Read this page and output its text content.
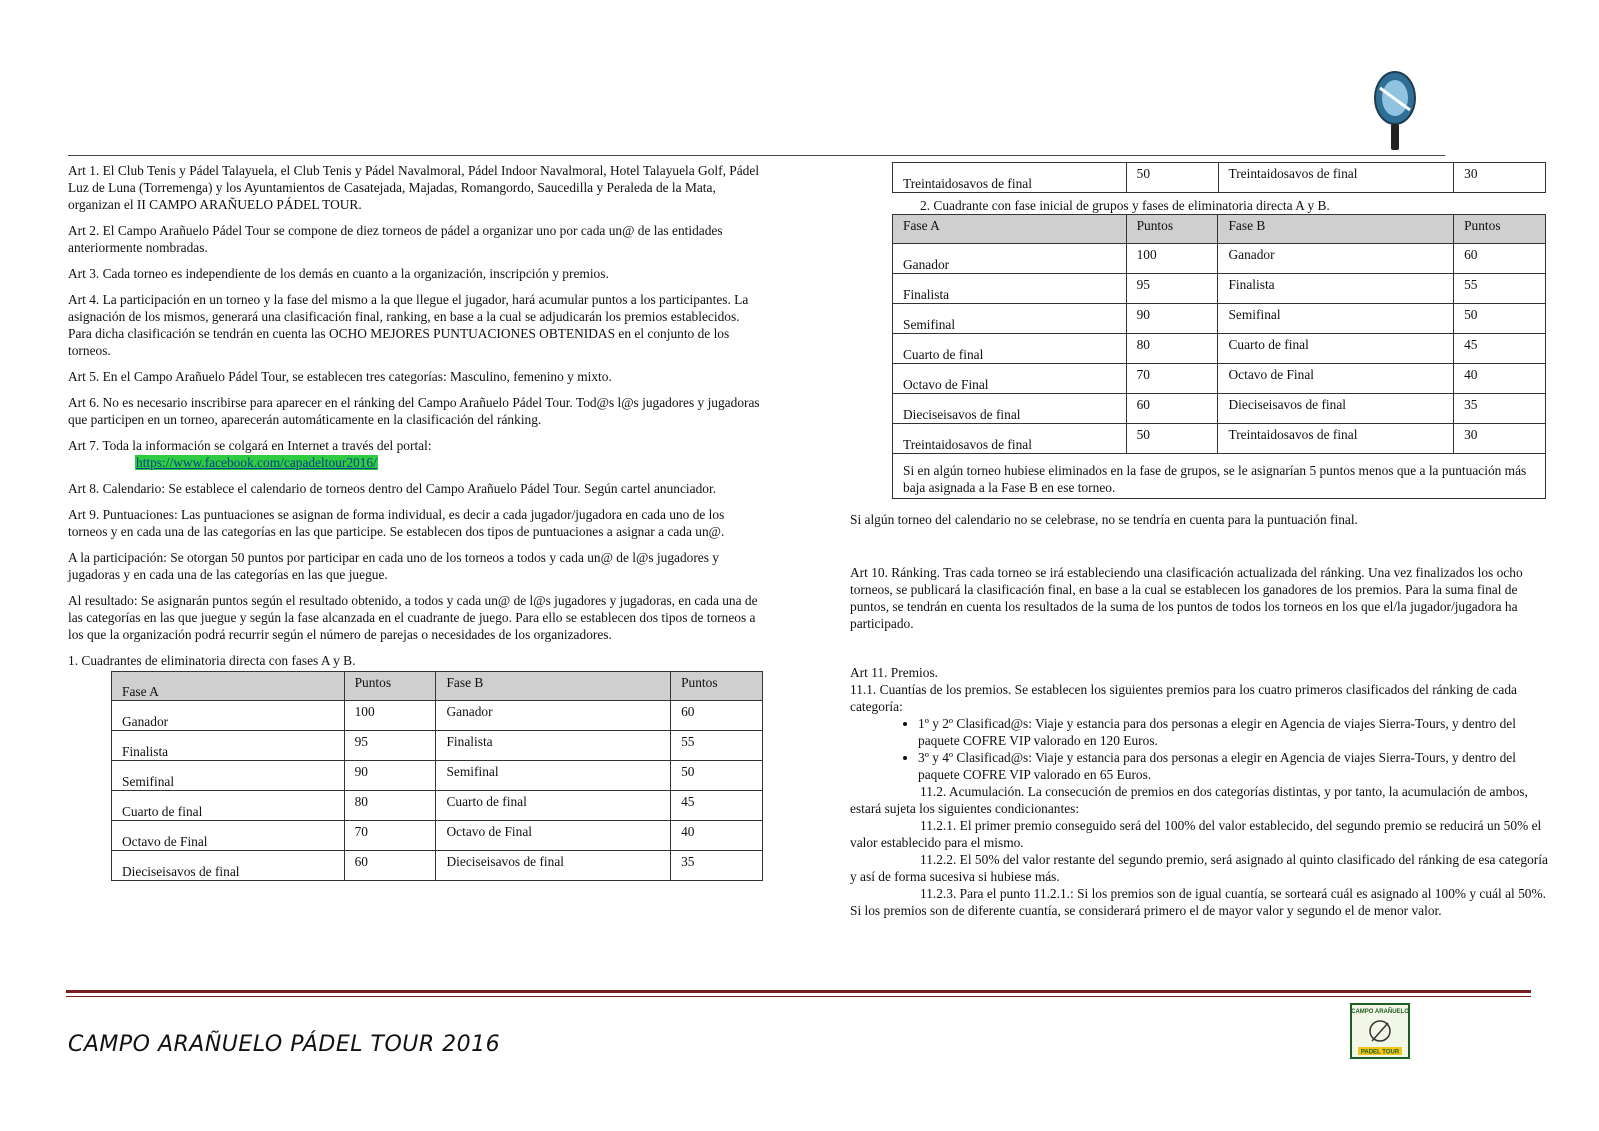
Art 1. El Club Tenis y Pádel Talayuela, el Club Tenis y Pádel Navalmoral, Pádel Indoor Navalmoral, Hotel Talayuela Golf, Pádel Luz de Luna (Torremenga) y los Ayuntamientos de Casatejada, Majadas, Romangordo, Saucedilla y Peraleda de la Mata, organizan el II CAMPO ARAÑUELO PÁDEL TOUR.

Art 2. El Campo Arañuelo Pádel Tour se compone de diez torneos de pádel a organizar uno por cada un@ de las entidades anteriormente nombradas.

Art 3. Cada torneo es independiente de los demás en cuanto a la organización, inscripción y premios.

Art 4. La participación en un torneo y la fase del mismo a la que llegue el jugador, hará acumular puntos a los participantes. La asignación de los mismos, generará una clasificación final, ranking, en base a la cual se adjudicarán los premios establecidos. Para dicha clasificación se tendrán en cuenta las OCHO MEJORES PUNTUACIONES OBTENIDAS en el conjunto de los torneos.

Art 5. En el Campo Arañuelo Pádel Tour, se establecen tres categorías: Masculino, femenino y mixto.

Art 6. No es necesario inscribirse para aparecer en el ránking del Campo Arañuelo Pádel Tour. Tod@s l@s jugadores y jugadoras que participen en un torneo, aparecerán automáticamente en la clasificación del ránking.

Art 7. Toda la información se colgará en Internet a través del portal:
https://www.facebook.com/capadeltour2016/

Art 8. Calendario: Se establece el calendario de torneos dentro del Campo Arañuelo Pádel Tour. Según cartel anunciador.

Art 9. Puntuaciones: Las puntuaciones se asignan de forma individual, es decir a cada jugador/jugadora en cada uno de los torneos y en cada una de las categorías en las que participe. Se establecen dos tipos de puntuaciones a asignar a cada un@.

A la participación: Se otorgan 50 puntos por participar en cada uno de los torneos a todos y cada un@ de l@s jugadores y jugadoras y en cada una de las categorías en las que juegue.

Al resultado: Se asignarán puntos según el resultado obtenido, a todos y cada un@ de l@s jugadores y jugadoras, en cada una de las categorías en las que juegue y según la fase alcanzada en el cuadrante de juego. Para ello se establecen dos tipos de torneos a los que la organización podrá recurrir según el número de parejas o necesidades de los organizadores.

1. Cuadrantes de eliminatoria directa con fases A y B.

Fase A	Puntos	Fase B	Puntos
Ganador	100	Ganador	60
Finalista	95	Finalista	55
Semifinal	90	Semifinal	50
Cuarto de final	80	Cuarto de final	45
Octavo de Final	70	Octavo de Final	40
Dieciseisavos de final	60	Dieciseisavos de final	35
Treintaidosavos de final	50	Treintaidosavos de final	30

2. Cuadrante con fase inicial de grupos y fases de eliminatoria directa A y B.

Fase A	Puntos	Fase B	Puntos
Ganador	100	Ganador	60
Finalista	95	Finalista	55
Semifinal	90	Semifinal	50
Cuarto de final	80	Cuarto de final	45
Octavo de Final	70	Octavo de Final	40
Dieciseisavos de final	60	Dieciseisavos de final	35
Treintaidosavos de final	50	Treintaidosavos de final	30
Si en algún torneo hubiese eliminados en la fase de grupos, se le asignarían 5 puntos menos que a la puntuación más baja asignada a la Fase B en ese torneo.			

Si algún torneo del calendario no se celebrase, no se tendría en cuenta para la puntuación final.

Art 10. Ránking. Tras cada torneo se irá estableciendo una clasificación actualizada del ránking. Una vez finalizados los ocho torneos, se publicará la clasificación final, en base a la cual se establecen los ganadores de los premios. Para la suma final de puntos, se tendrán en cuenta los resultados de la suma de los puntos de todos los torneos en los que el/la jugador/jugadora ha participado.

Art 11. Premios.

11.1. Cuantías de los premios. Se establecen los siguientes premios para los cuatro primeros clasificados del ránking de cada categoría:

• 1º y 2º Clasificad@s: Viaje y estancia para dos personas a elegir en Agencia de viajes Sierra-Tours, y dentro del paquete COFRE VIP valorado en 120 Euros.
• 3º y 4º Clasificad@s: Viaje y estancia para dos personas a elegir en Agencia de viajes Sierra-Tours, y dentro del paquete COFRE VIP valorado en 65 Euros.

11.2. Acumulación. La consecución de premios en dos categorías distintas, y por tanto, la acumulación de ambos, estará sujeta los siguientes condicionantes:

11.2.1. El primer premio conseguido será del 100% del valor establecido, del segundo premio se reducirá un 50% el valor establecido para el mismo.

11.2.2. El 50% del valor restante del segundo premio, será asignado al quinto clasificado del ránking de esa categoría y así de forma sucesiva si hubiese más.

11.2.3. Para el punto 11.2.1.: Si los premios son de igual cuantía, se sorteará cuál es asignado al 100% y cuál al 50%. Si los premios son de diferente cuantía, se considerará primero el de mayor valor y segundo el de menor valor.

CAMPO ARAÑUELO PÁDEL TOUR 2016
CAMPO ARAÑUELO
PADEL TOUR
